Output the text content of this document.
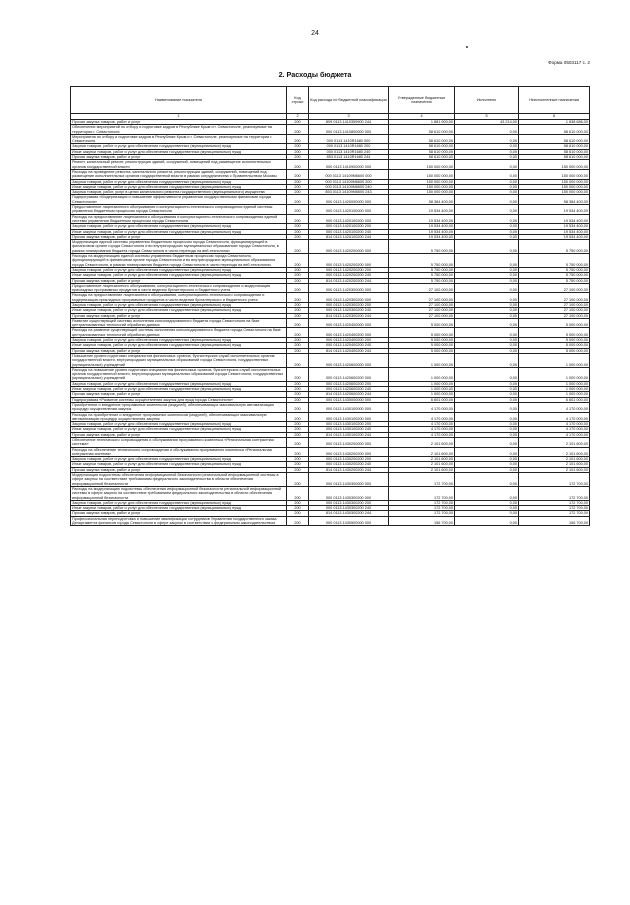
24
Форма 0503117 с. 2
2. Расходы бюджета
Наименование показателя	Код строки	Код расхода по бюджетной классификации	Утвержденные бюджетные назначения	Исполнено	Неисполненные назначения
1	2	3	4	5	6
Прочая закупка товаров, работ и услуг	200	809 0113 1410359900 244	1 881 900,00	43 214,00	1 838 686,00
Обеспечение мероприятий по отбору и подготовке кадров в Республике Крым и г. Севастополе, реализуемые на территории г. Севастополя	200	000 0113 1410800000 000	58 610 000,00	0,00	58 610 000,00
Мероприятия по отбору и подготовке кадров в Республике Крым и г. Севастополе, реализуемые на территории г. Севастополя	200	000 0113 1410R1680 000	58 610 000,00	0,00	58 610 000,00
Закупка товаров, работ и услуг для обеспечения государственных (муниципальных) нужд	200	000 0113 1410R1680 200	58 610 000,00	0,00	58 610 000,00
Иные закупки товаров, работ и услуг для обеспечения государственных (муниципальных) нужд	200	000 0113 1410R1680 240	58 610 000,00	0,00	58 610 000,00
Прочая закупка товаров, работ и услуг	200	853 0113 1410R1680 244	58 610 000,00	0,00	58 610 000,00
Ремонт, капитальный ремонт, реконструкция зданий, сооружений, помещений под размещение исполнительных органов государственной власти	200	000 0113 1410900000 000	150 000 000,00	0,00	150 000 000,00
Расходы на проведение ремонта, капитального ремонта, реконструкции зданий, сооружений, помещений под размещение исполнительных органов государственной власти в рамках сотрудничества с Правительством Москвы	200	000 0113 14109М6600 000	150 000 000,00	0,00	150 000 000,00
Закупка товаров, работ и услуг для обеспечения государственных (муниципальных) нужд	200	000 0113 14109М6600 200	150 000 000,00	0,00	150 000 000,00
Иные закупки товаров, работ и услуг для обеспечения государственных (муниципальных) нужд	200	000 0113 14109М6600 240	150 000 000,00	0,00	150 000 000,00
Закупка товаров, работ, услуг в целях капитального ремонта государственного (муниципального) имущества	200	853 0113 14109М6600 243	150 000 000,00	0,00	150 000 000,00
Подпрограмма «Модернизация и повышение эффективности управления государственными финансами города Севастополя»	200	000 0113 1420000000 000	58 384 400,00	0,00	58 384 400,00
Предоставление лицензионного обслуживания и консультационно-технического сопровождения единой системы управления бюджетным процессом города Севастополя	200	000 0113 1420100000 000	19 534 400,00	0,00	19 534 400,00
Расходы на предоставление лицензионного обслуживания и консультационно-технического сопровождения единой системы управления бюджетным процессом города Севастополя	200	000 0113 1420100200 000	19 534 400,00	0,00	19 534 400,00
Закупка товаров, работ и услуг для обеспечения государственных (муниципальных) нужд	200	000 0113 1420100200 200	19 534 400,00	0,00	19 534 400,00
Иные закупки товаров, работ и услуг для обеспечения государственных (муниципальных) нужд	200	000 0113 1420100200 240	19 534 400,00	0,00	19 534 400,00
Прочая закупка товаров, работ и услуг	200	814 0113 1420100200 244	19 534 400,00	0,00	19 534 400,00
Модернизация единой системы управления бюджетным процессом города Севастополя, функционирующей в финансовом органе города Севастополя и во внутригородских муниципальных образованиях города Севастополя, в рамках планирования бюджета города Севастополя в части перехода на веб-технологии	200	000 0113 1420200000 000	5 750 000,00	0,00	5 750 000,00
Расходы на модернизацию единой системы управления бюджетным процессом города Севастополя, функционирующей в финансовом органе города Севастополя и во внутригородских муниципальных образованиях города Севастополя, в рамках планирования бюджета города Севастополя в части перехода на веб-технологии	200	000 0113 1420200200 000	5 750 000,00	0,00	5 750 000,00
Закупка товаров, работ и услуг для обеспечения государственных (муниципальных) нужд	200	000 0113 1420200200 200	5 750 000,00	0,00	5 750 000,00
Иные закупки товаров, работ и услуг для обеспечения государственных (муниципальных) нужд	200	000 0113 1420200200 240	5 750 000,00	0,00	5 750 000,00
Прочая закупка товаров, работ и услуг	200	814 0113 1420200200 244	5 750 000,00	0,00	5 750 000,00
Предоставление лицензионного обслуживания, консультационно-технического сопровождения и модернизация прикладных программных продуктов в части ведения бухгалтерского и бюджетного учета	200	000 0113 1420300000 000	27 100 000,00	0,00	27 100 000,00
Расходы на предоставление лицензионного обслуживания, консультационно-технического сопровождения и модернизацию прикладных программных продуктов в части ведения бухгалтерского и бюджетного учета	200	000 0113 1420300200 000	27 100 000,00	0,00	27 100 000,00
Закупка товаров, работ и услуг для обеспечения государственных (муниципальных) нужд	200	000 0113 1420300200 200	27 100 000,00	0,00	27 100 000,00
Иные закупки товаров, работ и услуг для обеспечения государственных (муниципальных) нужд	200	000 0113 1420300200 240	27 100 000,00	0,00	27 100 000,00
Прочая закупка товаров, работ и услуг	200	814 0113 1420300200 244	27 100 000,00	0,00	27 100 000,00
Развитие существующей системы исполнения консолидированного бюджета города Севастополя на базе централизованных технологий обработки данных	200	000 0113 1420400000 000	5 000 000,00	0,00	5 000 000,00
Расходы на развитие существующей системы исполнения консолидированного бюджета города Севастополя на базе централизованных технологий обработки данных	200	000 0113 1420400200 000	5 000 000,00	0,00	5 000 000,00
Закупка товаров, работ и услуг для обеспечения государственных (муниципальных) нужд	200	000 0113 1420400200 200	5 000 000,00	0,00	5 000 000,00
Иные закупки товаров, работ и услуг для обеспечения государственных (муниципальных) нужд	200	000 0113 1420400200 240	5 000 000,00	0,00	5 000 000,00
Прочая закупка товаров, работ и услуг	200	814 0113 1420400200 244	5 000 000,00	0,00	5 000 000,00
Повышение уровня подготовки специалистов финансовых органов, бухгалтерских служб исполнительных органов государственной власти, внутригородских муниципальных образований города Севастополя, государственных (муниципальных) учреждений	200	000 0113 1420600000 000	1 000 000,00	0,00	1 000 000,00
Расходы на повышение уровня подготовки специалистов финансовых органов, бухгалтерских служб исполнительных органов государственной власти, внутригородских муниципальных образований города Севастополя, государственных (муниципальных) учреждений	200	000 0113 1420600200 000	1 000 000,00	0,00	1 000 000,00
Закупка товаров, работ и услуг для обеспечения государственных (муниципальных) нужд	200	000 0113 1420600200 200	1 000 000,00	0,00	1 000 000,00
Иные закупки товаров, работ и услуг для обеспечения государственных (муниципальных) нужд	200	000 0113 1420600200 240	1 000 000,00	0,00	1 000 000,00
Прочая закупка товаров, работ и услуг	200	814 0113 1420600200 244	1 000 000,00	0,00	1 000 000,00
Подпрограмма «Развитие системы осуществления закупок для нужд города Севастополя»	200	000 0113 1430000000 000	6 601 000,00	0,00	6 601 000,00
Приобретение и внедрение программных комплексов (модулей), обеспечивающих максимальную автоматизацию процедур осуществления закупок	200	000 0113 1430100000 000	4 170 000,00	0,00	4 170 000,00
Расходы на приобретение и внедрение программных комплексов (модулей), обеспечивающих максимальную автоматизацию процедур осуществления закупок	200	000 0113 1430100200 000	4 170 000,00	0,00	4 170 000,00
Закупка товаров, работ и услуг для обеспечения государственных (муниципальных) нужд	200	000 0113 1430100200 200	4 170 000,00	0,00	4 170 000,00
Иные закупки товаров, работ и услуг для обеспечения государственных (муниципальных) нужд	200	000 0113 1430100200 240	4 170 000,00	0,00	4 170 000,00
Прочая закупка товаров, работ и услуг	200	814 0113 1430100200 244	4 170 000,00	0,00	4 170 000,00
Обеспечение технического сопровождения и обслуживания программного комплекса «Региональная контрактная система»	200	000 0113 1430200000 000	2 101 600,00	0,00	2 101 600,00
Расходы на обеспечение технического сопровождения и обслуживания программного комплекса «Региональная контрактная система»	200	000 0113 1430200200 000	2 101 600,00	0,00	2 101 600,00
Закупка товаров, работ и услуг для обеспечения государственных (муниципальных) нужд	200	000 0113 1430200200 200	2 101 600,00	0,00	2 101 600,00
Иные закупки товаров, работ и услуг для обеспечения государственных (муниципальных) нужд	200	000 0113 1430200200 240	2 101 600,00	0,00	2 101 600,00
Прочая закупка товаров, работ и услуг	200	814 0113 1430200200 244	2 101 600,00	0,00	2 101 600,00
Модернизация подсистемы обеспечения информационной безопасности региональной информационной системы в сфере закупок на соответствие требованиям федерального законодательства в области обеспечения информационной безопасности	200	000 0113 1430300000 000	172 700,00	0,00	172 700,00
Расходы на модернизацию подсистемы обеспечения информационной безопасности региональной информационной системы в сфере закупок на соответствие требованиям федерального законодательства в области обеспечения информационной безопасности	200	000 0113 1430300200 000	172 700,00	0,00	172 700,00
Закупка товаров, работ и услуг для обеспечения государственных (муниципальных) нужд	200	000 0113 1430300200 200	172 700,00	0,00	172 700,00
Иные закупки товаров, работ и услуг для обеспечения государственных (муниципальных) нужд	200	000 0113 1430300200 240	172 700,00	0,00	172 700,00
Прочая закупка товаров, работ и услуг	200	814 0113 1430300200 244	172 700,00	0,00	172 700,00
Профессиональная переподготовка и повышение квалификации сотрудников Управления государственного заказа Департамента финансов города Севастополя в сфере закупок в соответствии с федеральным законодательством	200	000 0113 1430500000 000	156 700,00	0,00	156 700,00
